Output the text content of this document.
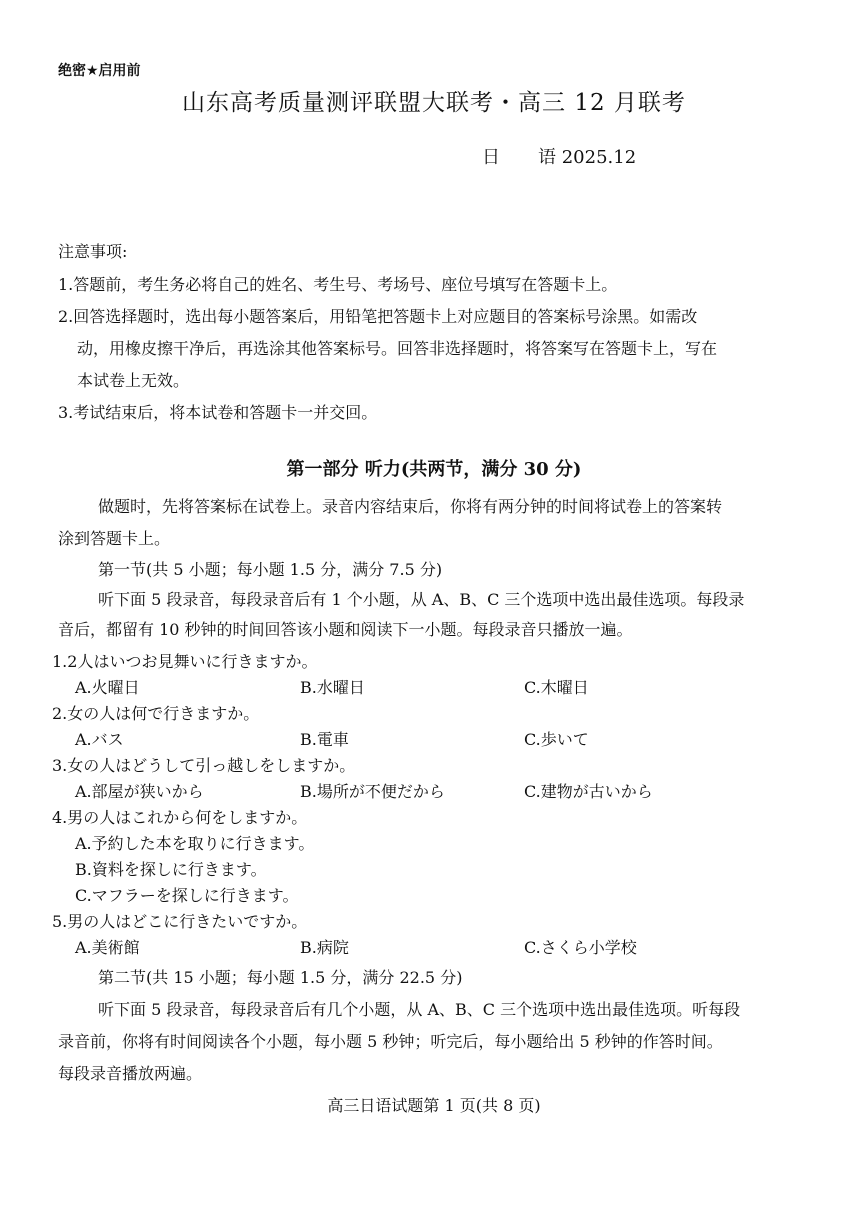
绝密★启用前
山东高考质量测评联盟大联考・高三 12 月联考
日 语 2025.12
注意事项:
1.答题前，考生务必将自己的姓名、考生号、考场号、座位号填写在答题卡上。
2.回答选择题时，选出每小题答案后，用铅笔把答题卡上对应题目的答案标号涂黑。如需改
动，用橡皮擦干净后，再选涂其他答案标号。回答非选择题时，将答案写在答题卡上，写在
本试卷上无效。
3.考试结束后，将本试卷和答题卡一并交回。
第一部分 听力(共两节，满分 30 分)
做题时，先将答案标在试卷上。录音内容结束后，你将有两分钟的时间将试卷上的答案转
涂到答题卡上。
第一节(共 5 小题；每小题 1.5 分，满分 7.5 分)
听下面 5 段录音，每段录音后有 1 个小题，从 A、B、C 三个选项中选出最佳选项。每段录
音后，都留有 10 秒钟的时间回答该小题和阅读下一小题。每段录音只播放一遍。
1.2人はいつお見舞いに行きますか。
A.火曜日	B.水曜日	C.木曜日
2.女の人は何で行きますか。
A.バス	B.電車	C.歩いて
3.女の人はどうして引っ越しをしますか。
A.部屋が狭いから	B.場所が不便だから	C.建物が古いから
4.男の人はこれから何をしますか。
A.予約した本を取りに行きます。
B.資料を探しに行きます。
C.マフラーを探しに行きます。
5.男の人はどこに行きたいですか。
A.美術館	B.病院	C.さくら小学校
第二节(共 15 小题；每小题 1.5 分，满分 22.5 分)
听下面 5 段录音，每段录音后有几个小题，从 A、B、C 三个选项中选出最佳选项。听每段
录音前，你将有时间阅读各个小题，每小题 5 秒钟；听完后，每小题给出 5 秒钟的作答时间。
每段录音播放两遍。
高三日语试题第 1 页(共 8 页)
